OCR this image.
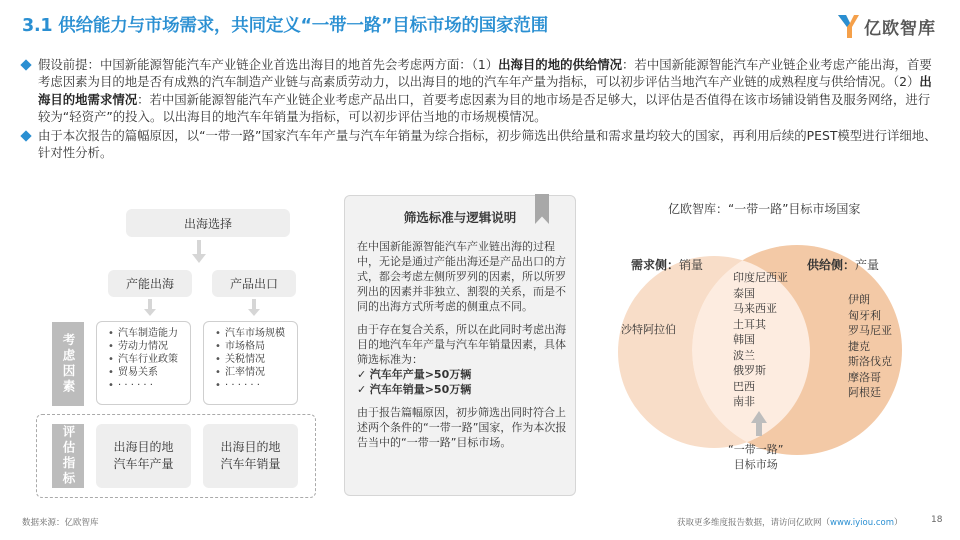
3.1 供给能力与市场需求，共同定义“一带一路”目标市场的国家范围	亿欧智库
假设前提：中国新能源智能汽车产业链企业首选出海目的地首先会考虑两方面：（1）出海目的地的供给情况：若中国新能源智能汽车产业链企业考虑产能出海，首要考虑因素为目的地是否有成熟的汽车制造产业链与高素质劳动力，以出海目的地的汽车年产量为指标，可以初步评估当地汽车产业链的成熟程度与供给情况。（2）出海目的地需求情况：若中国新能源智能汽车产业链企业考虑产品出口，首要考虑因素为目的地市场是否足够大，以评估是否值得在该市场铺设销售及服务网络，进行较为“轻资产”的投入。以出海目的地汽车年销量为指标，可以初步评估当地的市场规模情况。
由于本次报告的篇幅原因，以“一带一路”国家汽车年产量与汽车年销量为综合指标，初步筛选出供给量和需求量均较大的国家，再利用后续的PEST模型进行详细地、针对性分析。
出海选择
产能出海	产品出口
考虑因素
•	汽车制造能力
• 劳动力情况
• 汽车行业政策
• 贸易关系
• · · · · · ·
• 汽车市场规模
• 市场格局
• 关税情况
• 汇率情况
• · · · · · ·
评估指标	出海目的地
汽车年产量
出海目的地
汽车年销量
筛选标准与逻辑说明

在中国新能源智能汽车产业链出海的过程中，无论是通过产能出海还是产品出口的方式，都会考虑左侧所罗列的因素，所以所罗列出的因素并非独立、割裂的关系，而是不同的出海方式所考虑的侧重点不同。

由于存在复合关系，所以在此同时考虑出海目的地汽车年产量与汽车年销量因素，具体筛选标准为：
✓ 汽车年产量>50万辆
✓ 汽车年销量>50万辆

由于报告篇幅原因，初步筛选出同时符合上述两个条件的“一带一路”国家，作为本次报告当中的“一带一路”目标市场。

亿欧智库：“一带一路”目标市场国家
需求侧：销量	供给侧：产量
沙特阿拉伯
印度尼西亚
泰国
马来西亚
土耳其
韩国
波兰
俄罗斯
巴西
南非
伊朗
匈牙利
罗马尼亚
捷克
斯洛伐克
摩洛哥
阿根廷
“一带一路”
目标市场
数据来源：亿欧智库	获取更多维度报告数据，请访问亿欧网（www.iyiou.com）	18
